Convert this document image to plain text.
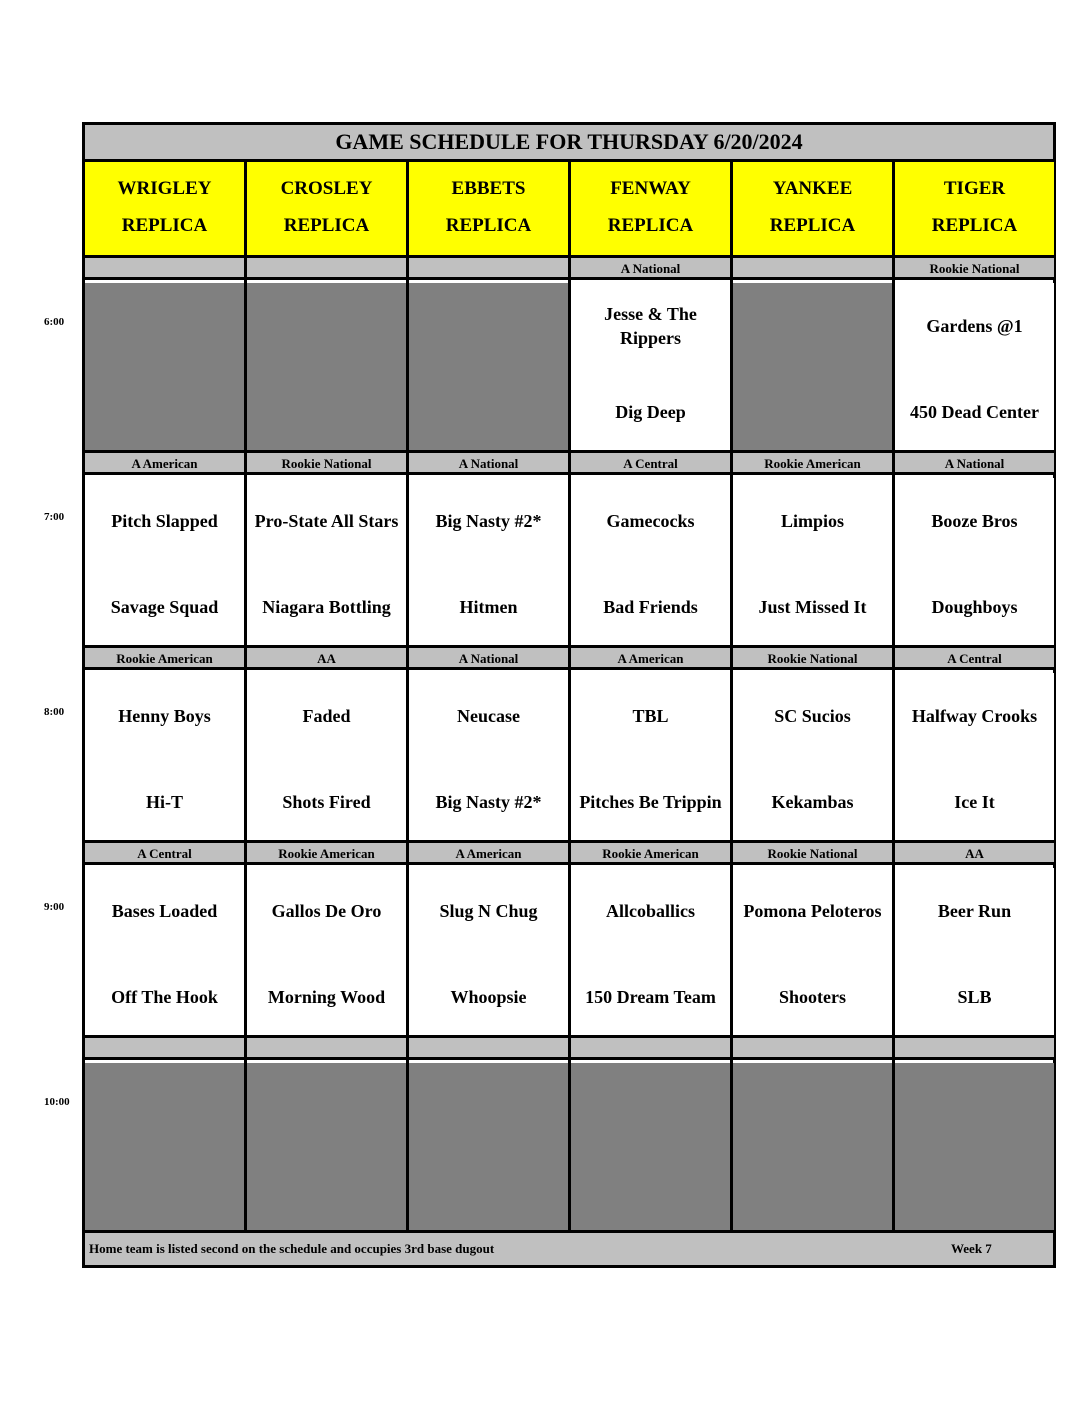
GAME SCHEDULE FOR THURSDAY 6/20/2024
WRIGLEY
REPLICA
CROSLEY
REPLICA
EBBETS
REPLICA
FENWAY
REPLICA
YANKEE
REPLICA
TIGER
REPLICA
A National
Jesse & The Rippers
Dig Deep
Rookie National
Gardens @1
450 Dead Center
A American
Pitch Slapped
Savage Squad
Rookie National
Pro-State All Stars
Niagara Bottling
A National
Big Nasty #2*
Hitmen
A Central
Gamecocks
Bad Friends
Rookie American
Limpios
Just Missed It
A National
Booze Bros
Doughboys
Rookie American
Henny Boys
Hi-T
AA
Faded
Shots Fired
A National
Neucase
Big Nasty #2*
A American
TBL
Pitches Be Trippin
Rookie National
SC Sucios
Kekambas
A Central
Halfway Crooks
Ice It
A Central
Bases Loaded
Off The Hook
Rookie American
Gallos De Oro
Morning Wood
A American
Slug N Chug
Whoopsie
Rookie American
Allcoballics
150 Dream Team
Rookie National
Pomona Peloteros
Shooters
AA
Beer Run
SLB
Home team is listed second on the schedule and occupies 3rd base dugout	Week 7
6:00
7:00
8:00
9:00
10:00
